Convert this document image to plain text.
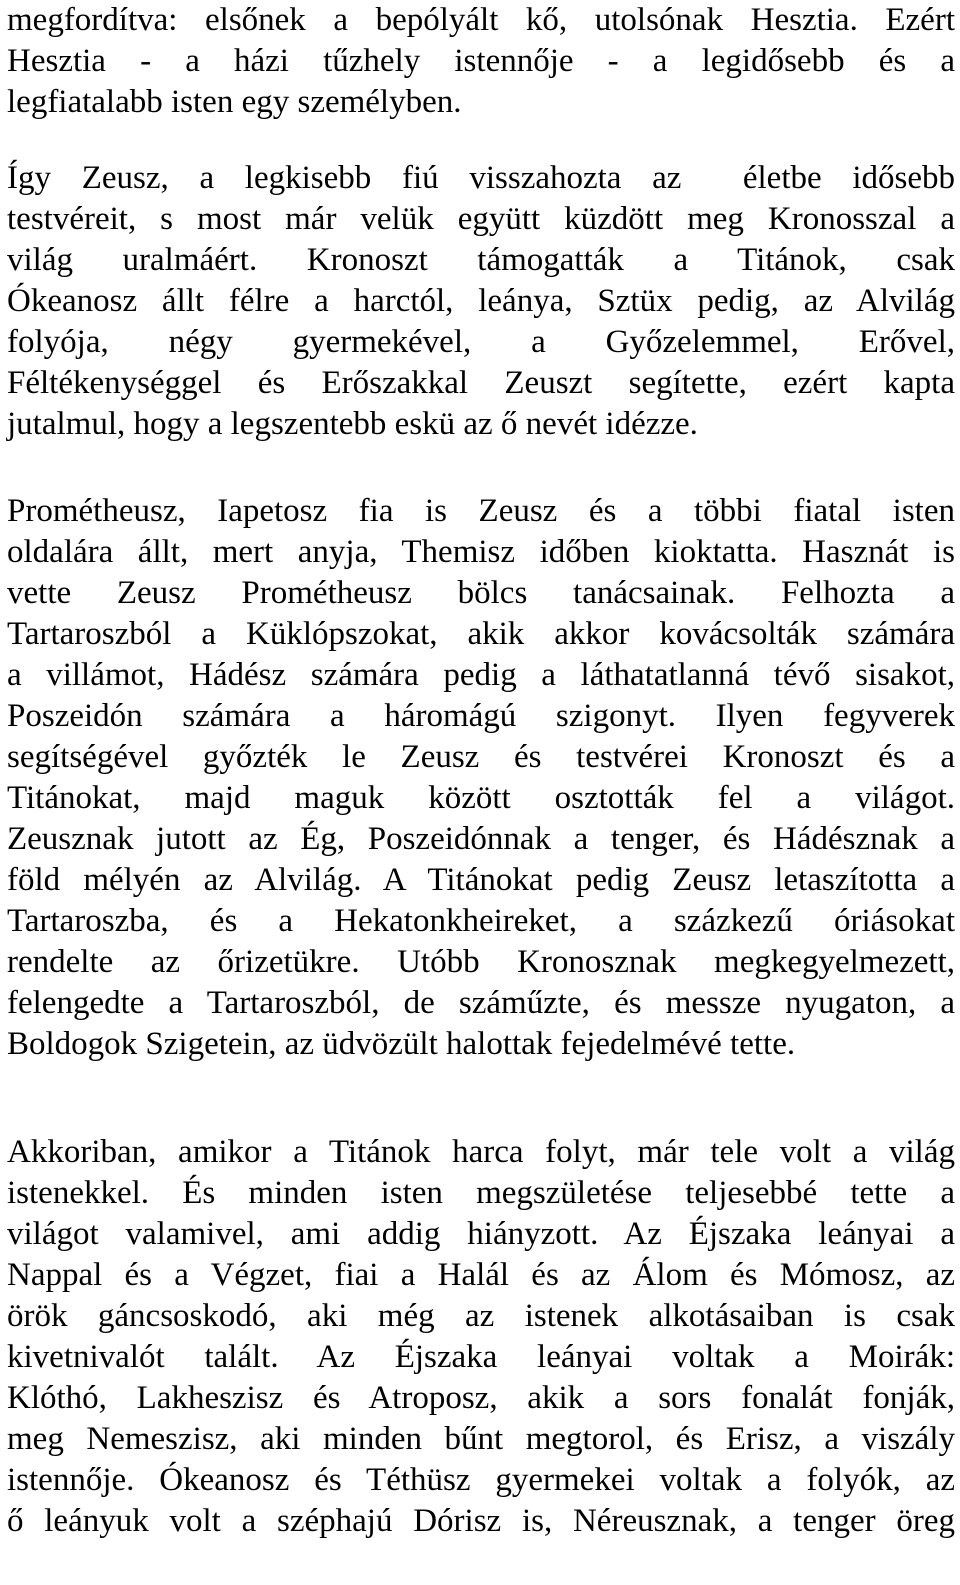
megfordítva: elsőnek a bepólyált kő, utolsónak Hesztia. Ezért
Hesztia - a házi tűzhely istennője - a legidősebb és a
legfiatalabb isten egy személyben.
Így Zeusz, a legkisebb fiú visszahozta az  életbe idősebb
testvéreit, s most már velük együtt küzdött meg Kronosszal a
világ uralmáért. Kronoszt támogatták a Titánok, csak
Ókeanosz állt félre a harctól, leánya, Sztüx pedig, az Alvilág
folyója, négy gyermekével, a Győzelemmel, Erővel,
Féltékenységgel és Erőszakkal Zeuszt segítette, ezért kapta
jutalmul, hogy a legszentebb eskü az ő nevét idézze.
Prométheusz, Iapetosz fia is Zeusz és a többi fiatal isten
oldalára állt, mert anyja, Themisz időben kioktatta. Hasznát is
vette Zeusz Prométheusz bölcs tanácsainak. Felhozta a
Tartaroszból a Küklópszokat, akik akkor kovácsolták számára
a villámot, Hádész számára pedig a láthatatlanná tévő sisakot,
Poszeidón számára a háromágú szigonyt. Ilyen fegyverek
segítségével győzték le Zeusz és testvérei Kronoszt és a
Titánokat, majd maguk között osztották fel a világot.
Zeusznak jutott az Ég, Poszeidónnak a tenger, és Hádésznak a
föld mélyén az Alvilág. A Titánokat pedig Zeusz letaszította a
Tartaroszba, és a Hekatonkheireket, a százkezű óriásokat
rendelte az őrizetükre. Utóbb Kronosznak megkegyelmezett,
felengedte a Tartaroszból, de száműzte, és messze nyugaton, a
Boldogok Szigetein, az üdvözült halottak fejedelmévé tette.
Akkoriban, amikor a Titánok harca folyt, már tele volt a világ
istenekkel. És minden isten megszületése teljesebbé tette a
világot valamivel, ami addig hiányzott. Az Éjszaka leányai a
Nappal és a Végzet, fiai a Halál és az Álom és Mómosz, az
örök gáncsoskodó, aki még az istenek alkotásaiban is csak
kivetnivalót talált. Az Éjszaka leányai voltak a Moirák:
Klóthó, Lakheszisz és Atroposz, akik a sors fonalát fonják,
meg Nemeszisz, aki minden bűnt megtorol, és Erisz, a viszály
istennője. Ókeanosz és Téthüsz gyermekei voltak a folyók, az
ő leányuk volt a széphajú Dórisz is, Néreusznak, a tenger öreg
